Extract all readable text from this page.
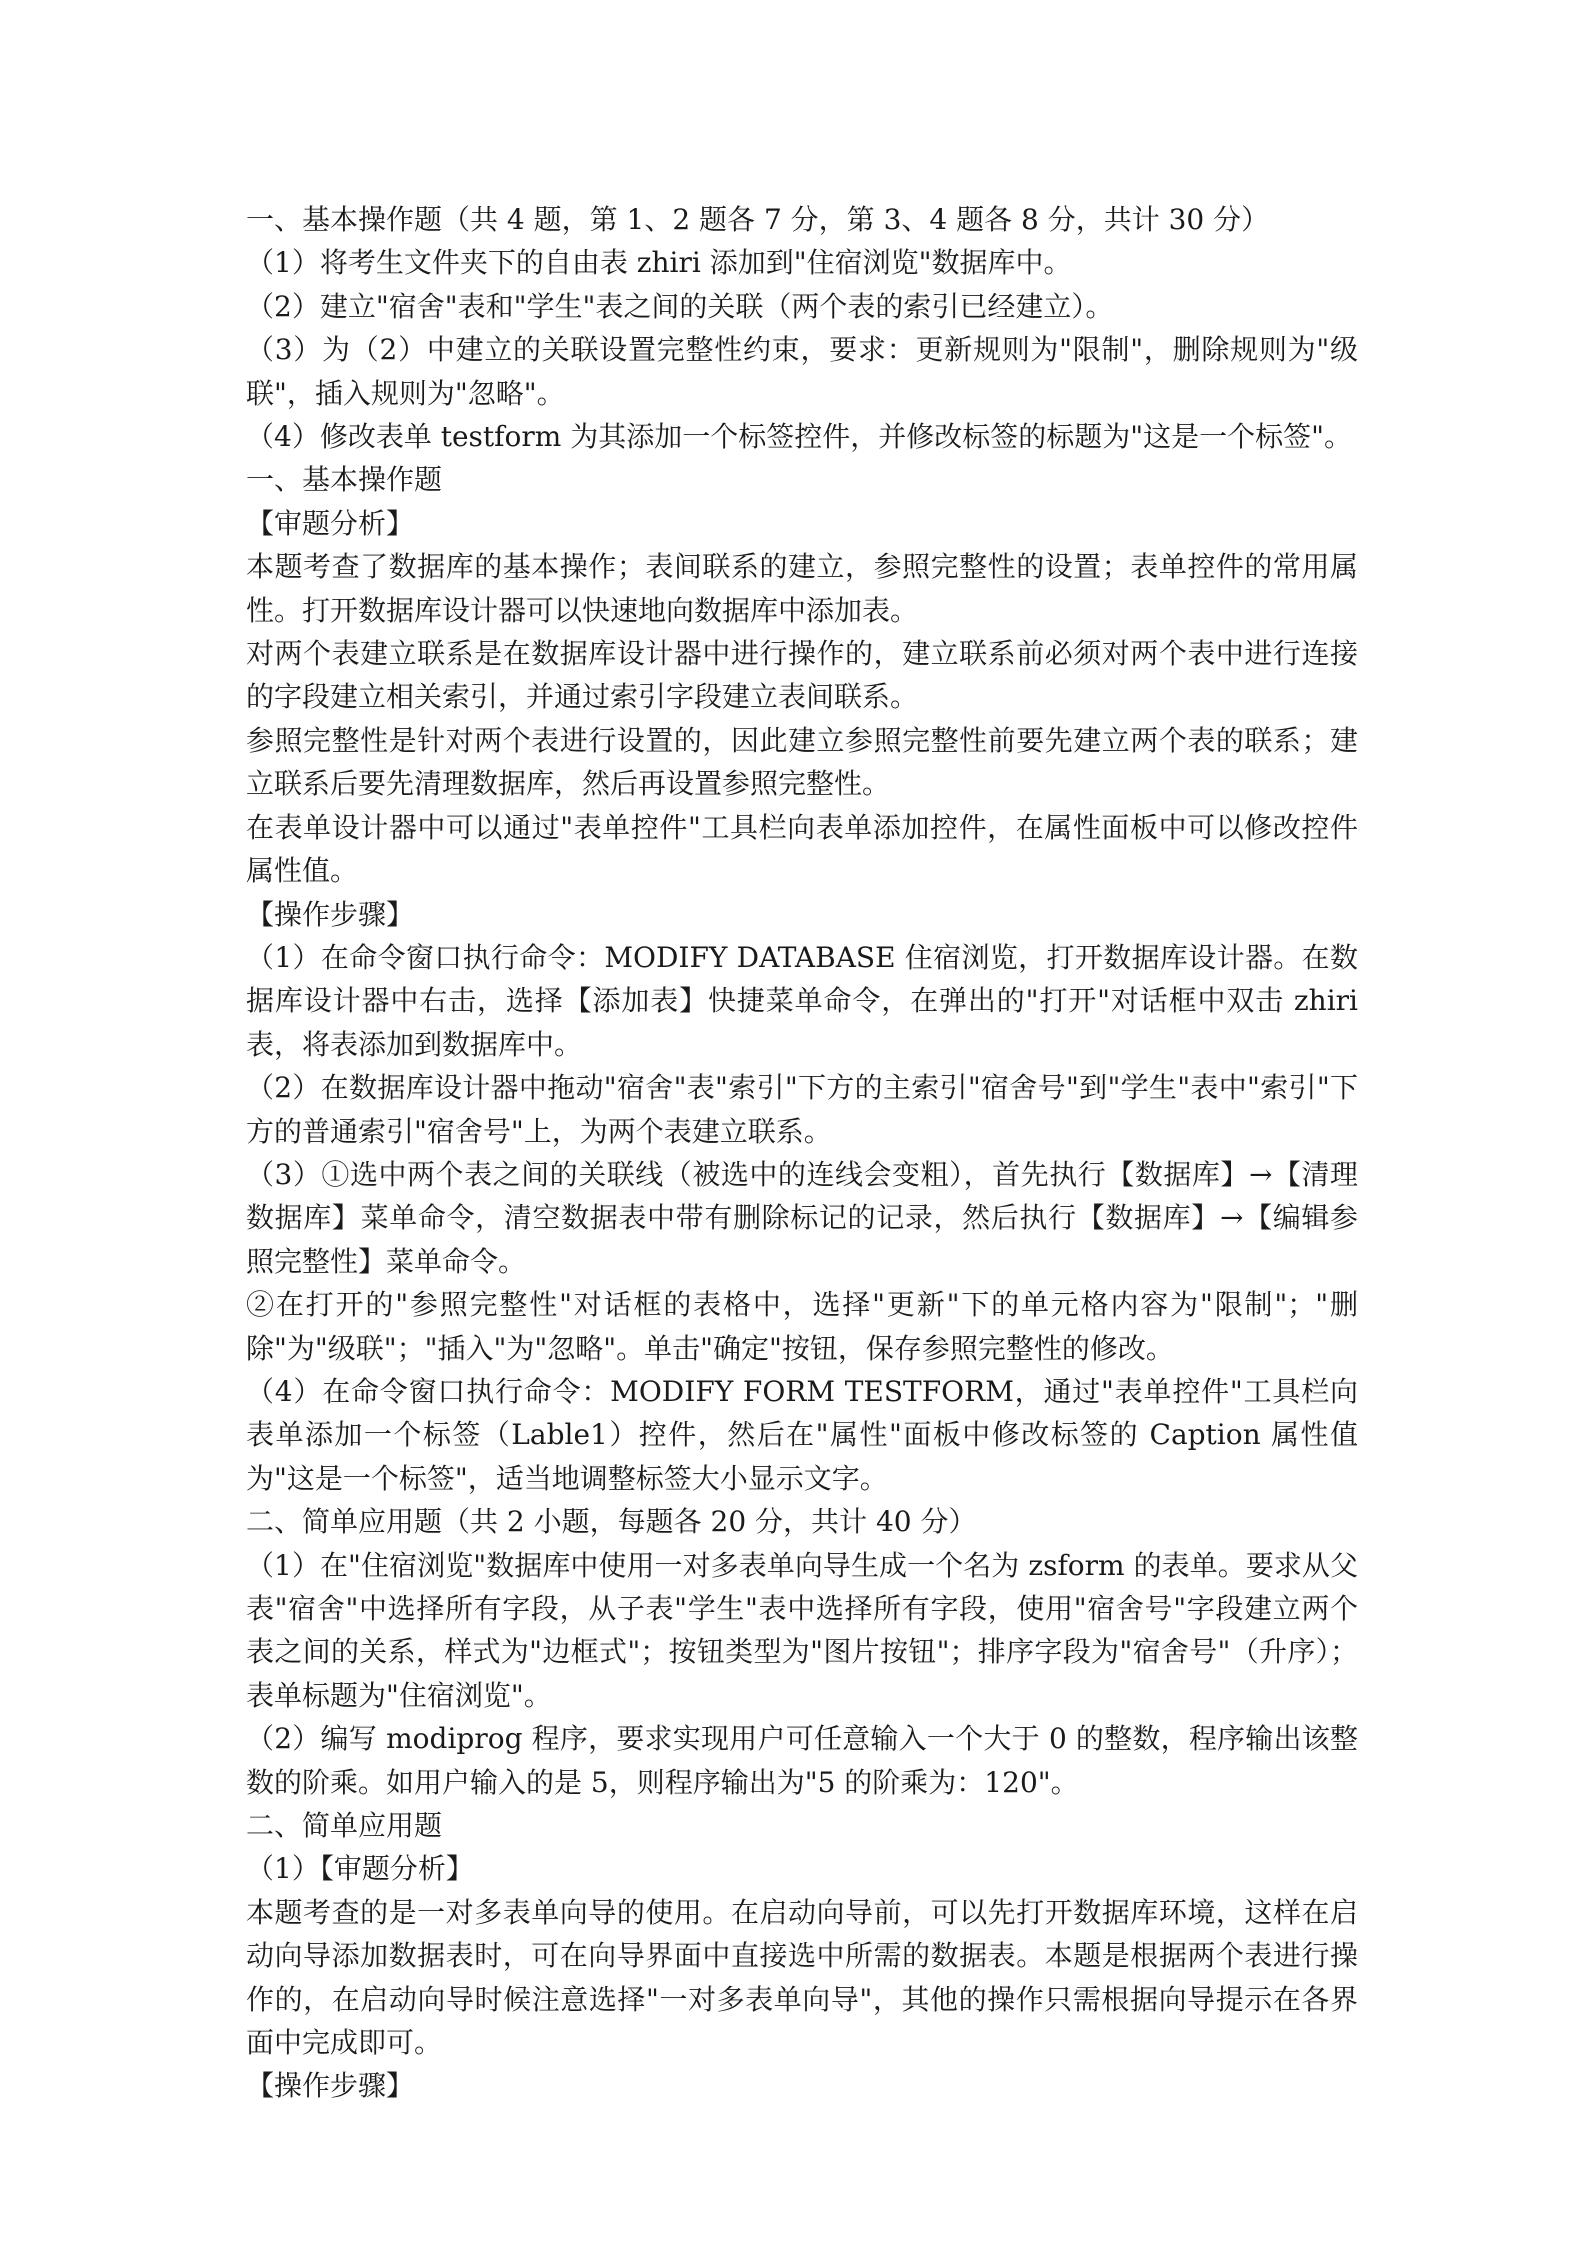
一、基本操作题（共 4 题，第 1、2 题各 7 分，第 3、4 题各 8 分，共计 30 分）

（1）将考生文件夹下的自由表 zhiri 添加到"住宿浏览"数据库中。

（2）建立"宿舍"表和"学生"表之间的关联（两个表的索引已经建立）。

（3）为（2）中建立的关联设置完整性约束，要求：更新规则为"限制"，删除规则为"级联"，插入规则为"忽略"。

（4）修改表单 testform 为其添加一个标签控件，并修改标签的标题为"这是一个标签"。

一、基本操作题

【审题分析】

本题考查了数据库的基本操作；表间联系的建立，参照完整性的设置；表单控件的常用属性。打开数据库设计器可以快速地向数据库中添加表。

对两个表建立联系是在数据库设计器中进行操作的，建立联系前必须对两个表中进行连接的字段建立相关索引，并通过索引字段建立表间联系。

参照完整性是针对两个表进行设置的，因此建立参照完整性前要先建立两个表的联系；建立联系后要先清理数据库，然后再设置参照完整性。

在表单设计器中可以通过"表单控件"工具栏向表单添加控件，在属性面板中可以修改控件属性值。

【操作步骤】

（1）在命令窗口执行命令：MODIFY DATABASE 住宿浏览，打开数据库设计器。在数据库设计器中右击，选择【添加表】快捷菜单命令，在弹出的"打开"对话框中双击 zhiri 表，将表添加到数据库中。

（2）在数据库设计器中拖动"宿舍"表"索引"下方的主索引"宿舍号"到"学生"表中"索引"下方的普通索引"宿舍号"上，为两个表建立联系。

（3）①选中两个表之间的关联线（被选中的连线会变粗），首先执行【数据库】→【清理数据库】菜单命令，清空数据表中带有删除标记的记录，然后执行【数据库】→【编辑参照完整性】菜单命令。

②在打开的"参照完整性"对话框的表格中，选择"更新"下的单元格内容为"限制"；"删除"为"级联"；"插入"为"忽略"。单击"确定"按钮，保存参照完整性的修改。

（4）在命令窗口执行命令：MODIFY FORM TESTFORM，通过"表单控件"工具栏向表单添加一个标签（Lable1）控件，然后在"属性"面板中修改标签的 Caption 属性值为"这是一个标签"，适当地调整标签大小显示文字。

二、简单应用题（共 2 小题，每题各 20 分，共计 40 分）

（1）在"住宿浏览"数据库中使用一对多表单向导生成一个名为 zsform 的表单。要求从父表"宿舍"中选择所有字段，从子表"学生"表中选择所有字段，使用"宿舍号"字段建立两个表之间的关系，样式为"边框式"；按钮类型为"图片按钮"；排序字段为"宿舍号"（升序）；表单标题为"住宿浏览"。

（2）编写 modiprog 程序，要求实现用户可任意输入一个大于 0 的整数，程序输出该整数的阶乘。如用户输入的是 5，则程序输出为"5 的阶乘为：120"。

二、简单应用题

（1）【审题分析】

本题考查的是一对多表单向导的使用。在启动向导前，可以先打开数据库环境，这样在启动向导添加数据表时，可在向导界面中直接选中所需的数据表。本题是根据两个表进行操作的，在启动向导时候注意选择"一对多表单向导"，其他的操作只需根据向导提示在各界面中完成即可。

【操作步骤】
